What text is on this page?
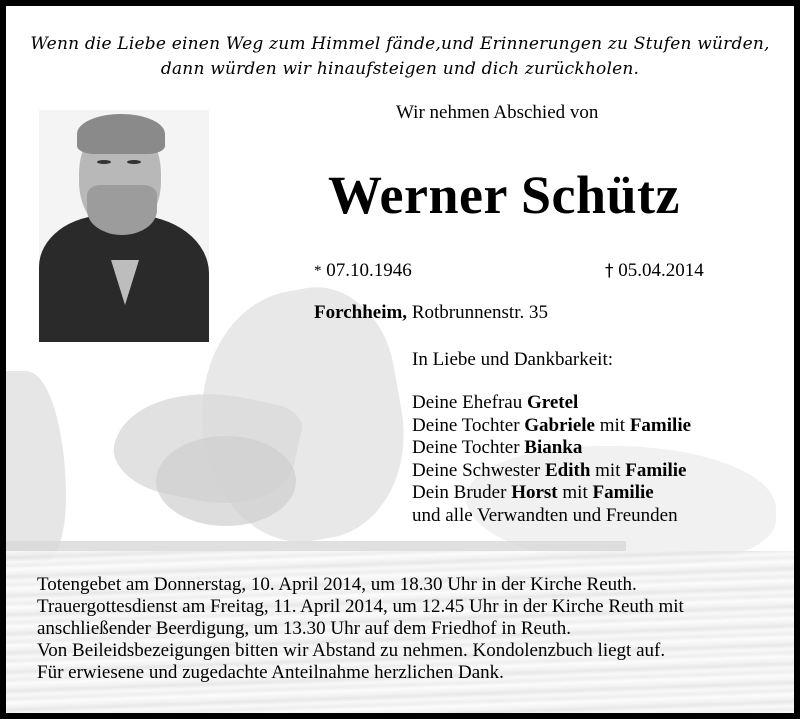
Wenn die Liebe einen Weg zum Himmel fände,und Erinnerungen zu Stufen würden,
dann würden wir hinaufsteigen und dich zurückholen.
Wir nehmen Abschied von
Werner Schütz
* 07.10.1946	† 05.04.2014
Forchheim, Rotbrunnenstr. 35
In Liebe und Dankbarkeit:
Deine Ehefrau Gretel
Deine Tochter Gabriele mit Familie
Deine Tochter Bianka
Deine Schwester Edith mit Familie
Dein Bruder Horst mit Familie
und alle Verwandten und Freunden
Totengebet am Donnerstag, 10. April 2014, um 18.30 Uhr in der Kirche Reuth.
Trauergottesdienst am Freitag, 11. April 2014, um 12.45 Uhr in der Kirche Reuth mit
anschließender Beerdigung, um 13.30 Uhr auf dem Friedhof in Reuth.
Von Beileidsbezeigungen bitten wir Abstand zu nehmen. Kondolenzbuch liegt auf.
Für erwiesene und zugedachte Anteilnahme herzlichen Dank.
